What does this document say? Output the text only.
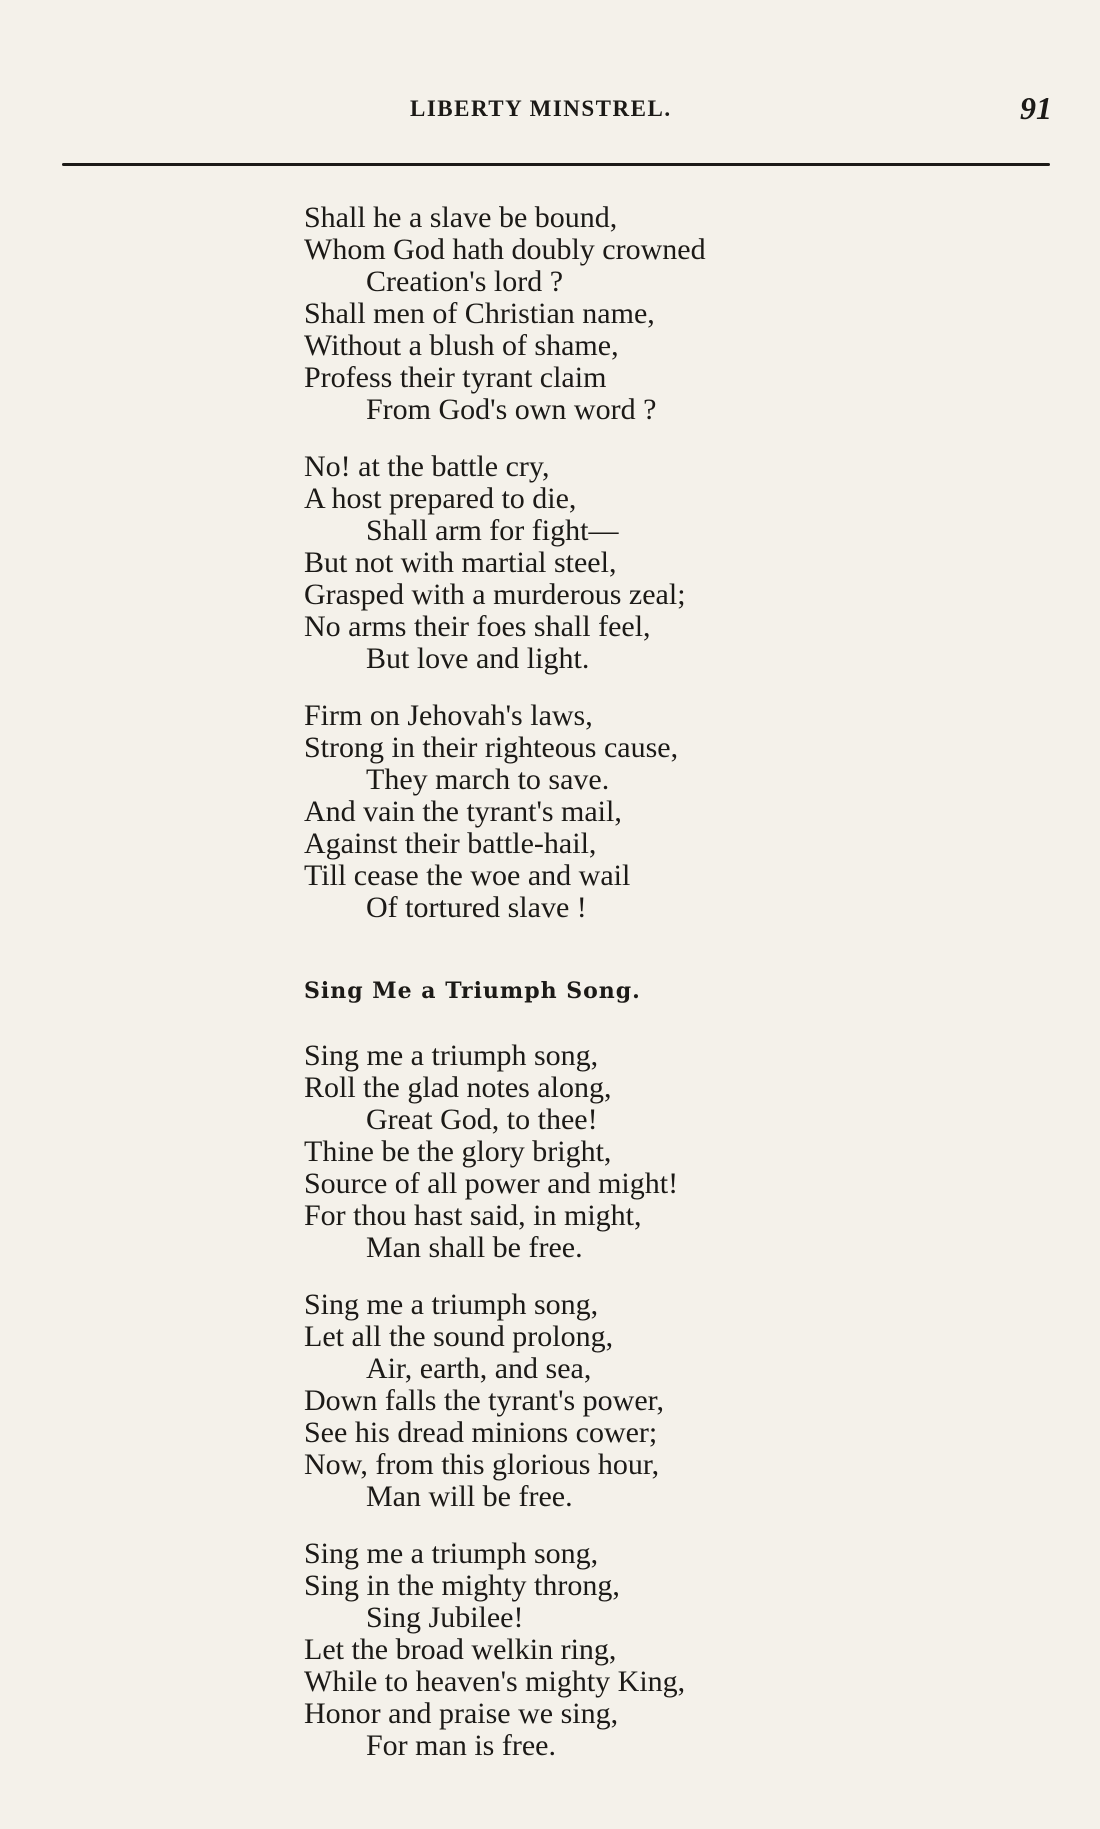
LIBERTY MINSTREL.	91
Shall he a slave be bound,
Whom God hath doubly crowned
Creation's lord ?
Shall men of Christian name,
Without a blush of shame,
Profess their tyrant claim
From God's own word ?
No! at the battle cry,
A host prepared to die,
Shall arm for fight—
But not with martial steel,
Grasped with a murderous zeal;
No arms their foes shall feel,
But love and light.
Firm on Jehovah's laws,
Strong in their righteous cause,
They march to save.
And vain the tyrant's mail,
Against their battle-hail,
Till cease the woe and wail
Of tortured slave !
Sing Me a Triumph Song.
Sing me a triumph song,
Roll the glad notes along,
Great God, to thee!
Thine be the glory bright,
Source of all power and might!
For thou hast said, in might,
Man shall be free.
Sing me a triumph song,
Let all the sound prolong,
Air, earth, and sea,
Down falls the tyrant's power,
See his dread minions cower;
Now, from this glorious hour,
Man will be free.
Sing me a triumph song,
Sing in the mighty throng,
Sing Jubilee!
Let the broad welkin ring,
While to heaven's mighty King,
Honor and praise we sing,
For man is free.
